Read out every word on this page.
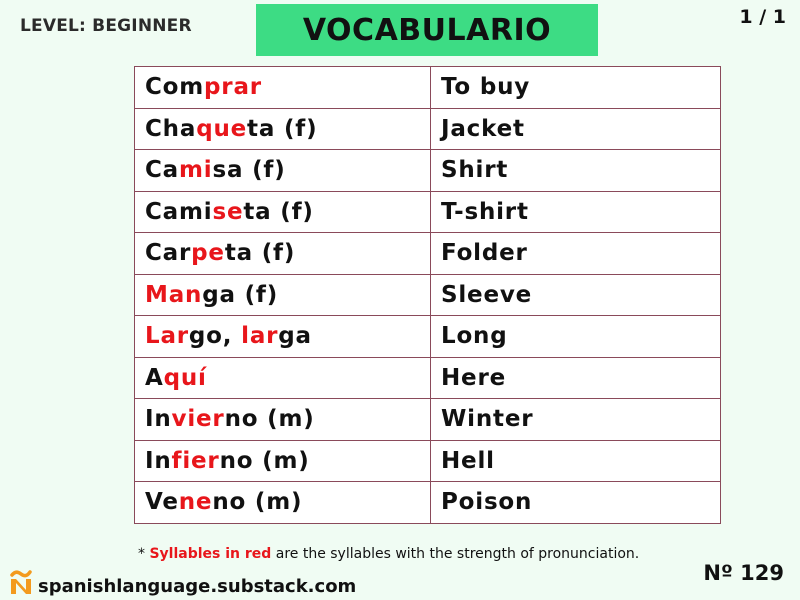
LEVEL: BEGINNER	VOCABULARIO	1 / 1
Comprar	To buy
Chaqueta (f)	Jacket
Camisa (f)	Shirt
Camiseta (f)	T-shirt
Carpeta (f)	Folder
Manga (f)	Sleeve
Largo, larga	Long
Aquí	Here
Invierno (m)	Winter
Infierno (m)	Hell
Veneno (m)	Poison
* Syllables in red are the syllables with the strength of pronunciation.
spanishlanguage.substack.com
Nº 129
